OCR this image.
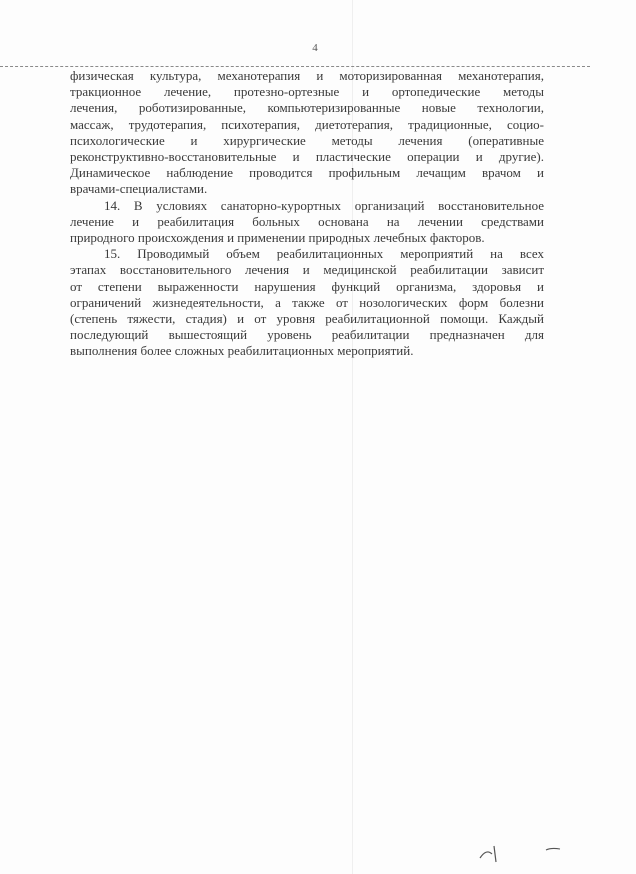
4
физическая культура, механотерапия и моторизированная механотерапия,
тракционное лечение, протезно-ортезные и ортопедические методы
лечения, роботизированные, компьютеризированные новые технологии,
массаж, трудотерапия, психотерапия, диетотерапия, традиционные, социо-
психологические и хирургические методы лечения (оперативные
реконструктивно-восстановительные и пластические операции и другие).
Динамическое наблюдение проводится профильным лечащим врачом и
врачами-специалистами.
14. В условиях санаторно-курортных организаций восстановительное
лечение и реабилитация больных основана на лечении средствами
природного происхождения и применении природных лечебных факторов.
15. Проводимый объем реабилитационных мероприятий на всех
этапах восстановительного лечения и медицинской реабилитации зависит
от степени выраженности нарушения функций организма, здоровья и
ограничений жизнедеятельности, а также от нозологических форм болезни
(степень тяжести, стадия) и от уровня реабилитационной помощи. Каждый
последующий вышестоящий уровень реабилитации предназначен для
выполнения более сложных реабилитационных мероприятий.
